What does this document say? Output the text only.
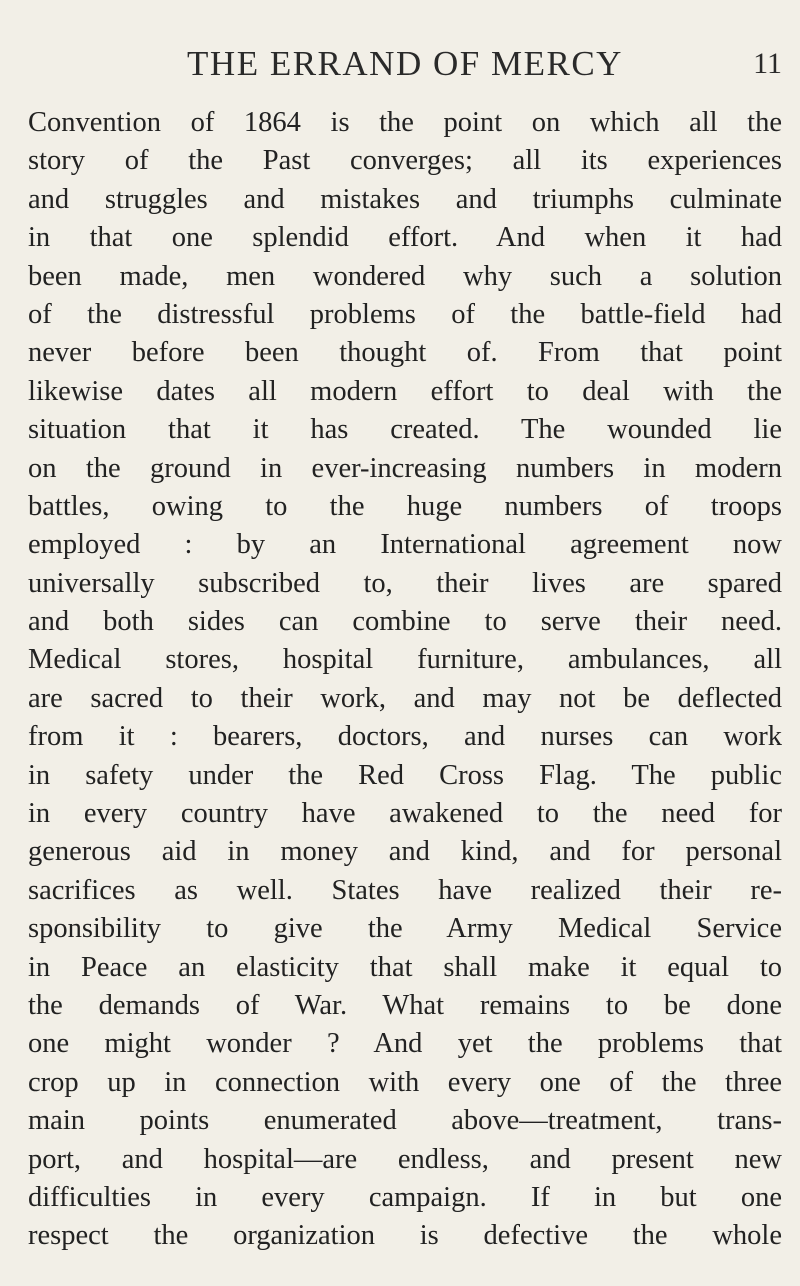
THE ERRAND OF MERCY	11
Convention of 1864 is the point on which all the
story of the Past converges; all its experiences
and struggles and mistakes and triumphs culminate
in that one splendid effort. And when it had
been made, men wondered why such a solution
of the distressful problems of the battle-field had
never before been thought of. From that point
likewise dates all modern effort to deal with the
situation that it has created. The wounded lie
on the ground in ever-increasing numbers in modern
battles, owing to the huge numbers of troops
employed : by an International agreement now
universally subscribed to, their lives are spared
and both sides can combine to serve their need.
Medical stores, hospital furniture, ambulances, all
are sacred to their work, and may not be deflected
from it : bearers, doctors, and nurses can work
in safety under the Red Cross Flag. The public
in every country have awakened to the need for
generous aid in money and kind, and for personal
sacrifices as well. States have realized their re-
sponsibility to give the Army Medical Service
in Peace an elasticity that shall make it equal to
the demands of War. What remains to be done
one might wonder ? And yet the problems that
crop up in connection with every one of the three
main points enumerated above—treatment, trans-
port, and hospital—are endless, and present new
difficulties in every campaign. If in but one
respect the organization is defective the whole
